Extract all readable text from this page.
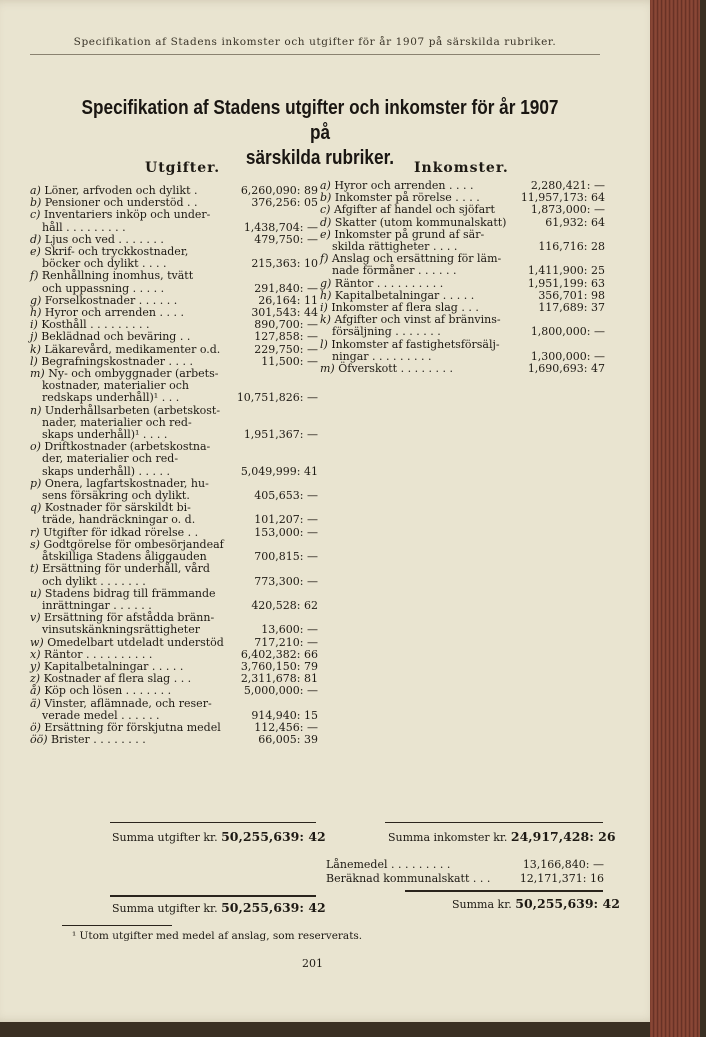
Specifikation af Stadens inkomster och utgifter för år 1907 på särskilda rubriker.
Specifikation af Stadens utgifter och inkomster för år 1907 på
särskilda rubriker.
Utgifter.	Inkomster.
a) Löner, arfvoden och dylikt .	6,260,090: 89
b) Pensioner och understöd . .	376,256: 05
c) Inventariers inköp och under-
håll . . . . . . . . .	1,438,704: —
d) Ljus och ved . . . . . . .	479,750: —
e) Skrif- och tryckkostnader,
böcker och dylikt . . . .	215,363: 10
f) Renhållning inomhus, tvätt
och uppassning . . . . .	291,840: —
g) Forselkostnader . . . . . .	26,164: 11
h) Hyror och arrenden . . . .	301,543: 44
i) Kosthåll . . . . . . . . .	890,700: —
j) Beklädnad och beväring . .	127,858: —
k) Läkarevård, medikamenter o.d.	229,750: —
l) Begrafningskostnader . . . .	11,500: —
m) Ny- och ombyggnader (arbets-
kostnader, materialier och
redskaps underhåll)¹ . . .	10,751,826: —
n) Underhållsarbeten (arbetskost-
nader, materialier och red-
skaps underhåll)¹ . . . .	1,951,367: —
o) Driftkostnader (arbetskostna-
der, materialier och red-
skaps underhåll) . . . . .	5,049,999: 41
p) Onera, lagfartskostnader, hu-
sens försäkring och dylikt.	405,653: —
q) Kostnader för särskildt bi-
träde, handräckningar o. d.	101,207: —
r) Utgifter för idkad rörelse . .	153,000: —
s) Godtgörelse för ombesörjandeaf
åtskilliga Stadens åliggauden	700,815: —
t) Ersättning för underhåll, vård
och dylikt . . . . . . .	773,300: —
u) Stadens bidrag till främmande
inrättningar . . . . . .	420,528: 62
v) Ersättning för afstådda bränn-
vinsutskänkningsrättigheter	13,600: —
w) Omedelbart utdeladt understöd	717,210: —
x) Räntor . . . . . . . . . .	6,402,382: 66
y) Kapitalbetalningar . . . . .	3,760,150: 79
z) Kostnader af flera slag . . .	2,311,678: 81
å) Köp och lösen . . . . . . .	5,000,000: —
ä) Vinster, aflämnade, och reser-
verade medel . . . . . .	914,940: 15
ö) Ersättning för förskjutna medel	112,456: —
öö) Brister . . . . . . . .	66,005: 39
a) Hyror och arrenden . . . .	2,280,421: —
b) Inkomster på rörelse . . . .	11,957,173: 64
c) Afgifter af handel och sjöfart	1,873,000: —
d) Skatter (utom kommunalskatt)	61,932: 64
e) Inkomster på grund af sär-
skilda rättigheter . . . .	116,716: 28
f) Anslag och ersättning för läm-
nade förmåner . . . . . .	1,411,900: 25
g) Räntor . . . . . . . . . .	1,951,199: 63
h) Kapitalbetalningar . . . . .	356,701: 98
i) Inkomster af flera slag . . .	117,689: 37
k) Afgifter och vinst af bränvins-
försäljning . . . . . . .	1,800,000: —
l) Inkomster af fastighetsförsälj-
ningar . . . . . . . . .	1,300,000: —
m) Öfverskott . . . . . . . .	1,690,693: 47
Summa utgifter kr. 50,255,639: 42
Summa utgifter kr. 50,255,639: 42
Summa inkomster kr. 24,917,428: 26
Lånemedel . . . . . . . . .	13,166,840: —
Beräknad kommunalskatt . . .	12,171,371: 16
Summa kr. 50,255,639: 42
¹ Utom utgifter med medel af anslag, som reserverats.
201
